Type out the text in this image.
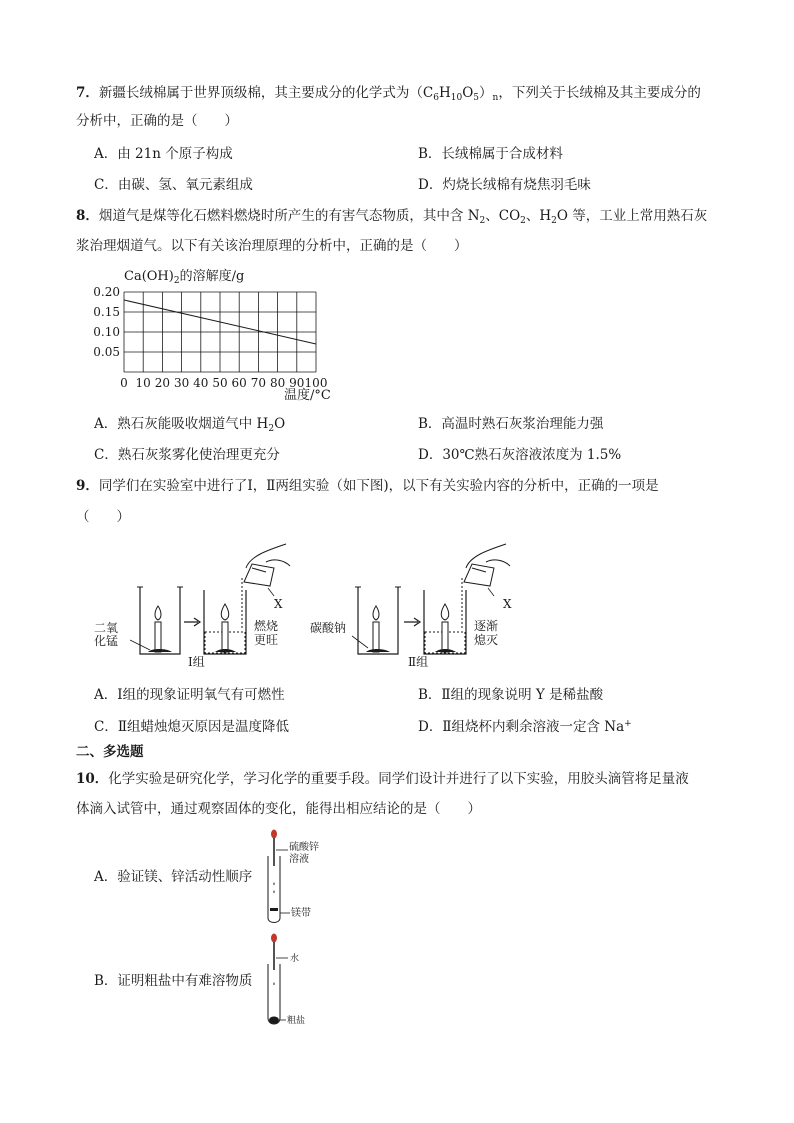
7．新疆长绒棉属于世界顶级棉，其主要成分的化学式为$(C_6H_{10}O_5)_n$，下列关于长绒棉及其主要成分的
分析中，正确的是（　　）
A．由 21n 个原子构成	B．长绒棉属于合成材料
C．由碳、氢、氧元素组成	D．灼烧长绒棉有烧焦羽毛味
8．烟道气是煤等化石燃料燃烧时所产生的有害气态物质，其中含 $N_2$、$CO_2$、$H_2O$ 等，工业上常用熟石灰
浆治理烟道气。以下有关该治理原理的分析中，正确的是（　　）
$Ca(OH)_2$的溶解度/g
0.20
0.15
0.10
0.05
0 10 20 30 40 50 60 70 80 90 100
温度/°C
A．熟石灰能吸收烟道气中 $H_2O$	B．高温时熟石灰浆治理能力强
C．熟石灰浆雾化使治理更充分	D．30℃熟石灰溶液浓度为 1.5%
9．同学们在实验室中进行了Ⅰ，Ⅱ两组实验（如下图)，以下有关实验内容的分析中，正确的一项是
（　　）
二氧
化锰
X
燃烧
更旺
Ⅰ组
碳酸钠
X
逐渐
熄灭
Ⅱ组
A．Ⅰ组的现象证明氧气有可燃性	B．Ⅱ组的现象说明 Y 是稀盐酸
C．Ⅱ组蜡烛熄灭原因是温度降低	D．Ⅱ组烧杯内剩余溶液一定含 Na+
二、多选题
10．化学实验是研究化学，学习化学的重要手段。同学们设计并进行了以下实验，用胶头滴管将足量液
体滴入试管中，通过观察固体的变化，能得出相应结论的是（　　）
A．验证镁、锌活动性顺序
硫酸锌
溶液
镁带
B．证明粗盐中有难溶物质
水
粗盐
